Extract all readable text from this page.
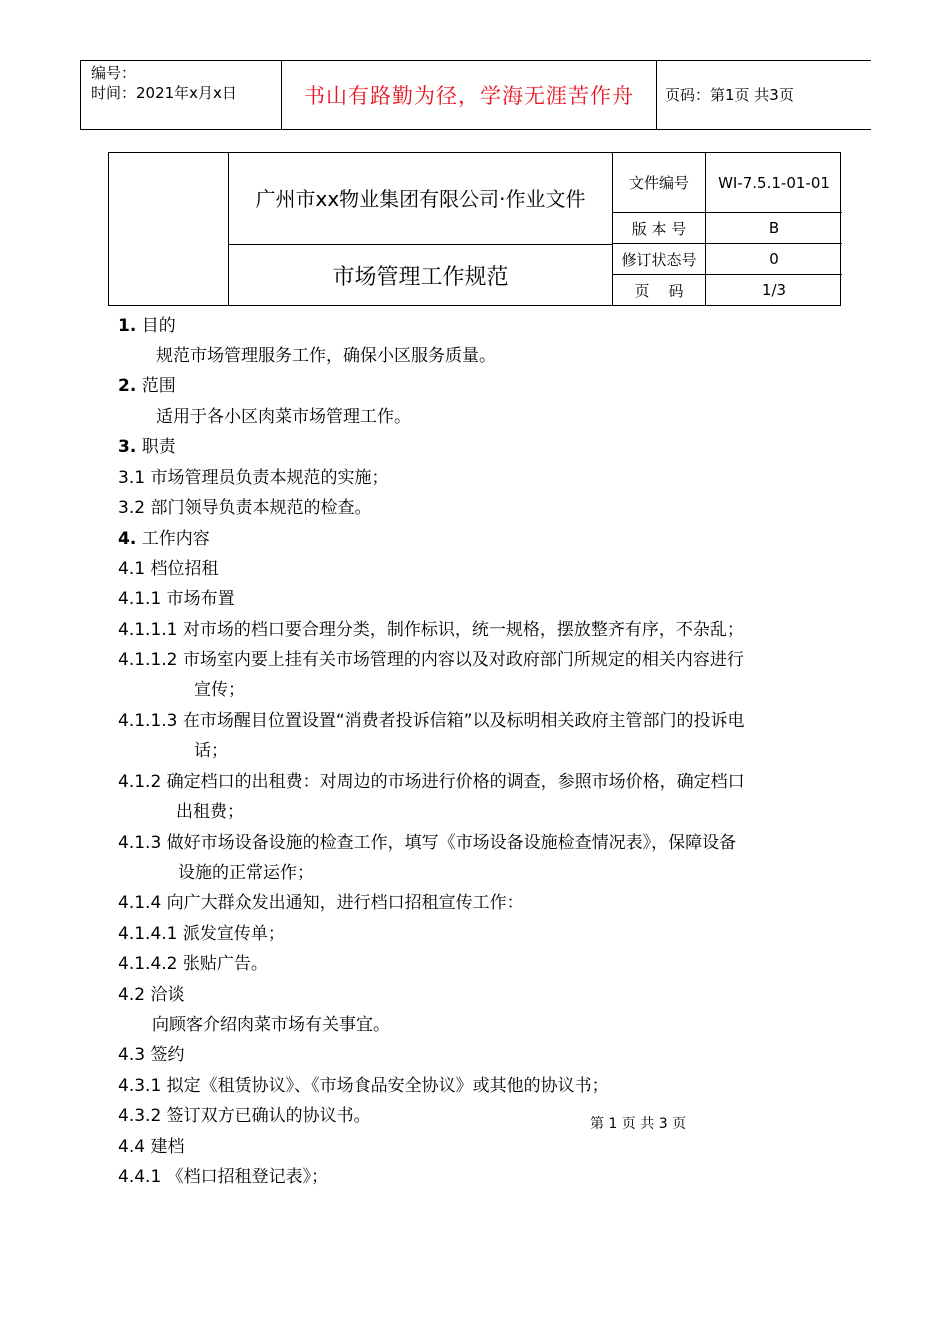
编号：
时间：2021年x月x日	书山有路勤为径，学海无涯苦作舟 页码：第1页 共3页
广州市xx物业集团有限公司·作业文件
市场管理工作规范
文件编号	WI-7.5.1-01-01
版 本 号	B
修订状态号	0
页    码	1/3
1. 目的
规范市场管理服务工作，确保小区服务质量。
2. 范围
适用于各小区肉菜市场管理工作。
3. 职责
3.1 市场管理员负责本规范的实施；
3.2 部门领导负责本规范的检查。
4. 工作内容
4.1 档位招租
4.1.1 市场布置
4.1.1.1 对市场的档口要合理分类，制作标识，统一规格，摆放整齐有序，不杂乱；
4.1.1.2 市场室内要上挂有关市场管理的内容以及对政府部门所规定的相关内容进行
宣传；
4.1.1.3 在市场醒目位置设置“消费者投诉信箱”以及标明相关政府主管部门的投诉电
话；
4.1.2 确定档口的出租费：对周边的市场进行价格的调查，参照市场价格，确定档口
出租费；
4.1.3 做好市场设备设施的检查工作，填写《市场设备设施检查情况表》，保障设备
设施的正常运作；
4.1.4 向广大群众发出通知，进行档口招租宣传工作：
4.1.4.1 派发宣传单；
4.1.4.2 张贴广告。
4.2 洽谈
向顾客介绍肉菜市场有关事宜。
4.3 签约
4.3.1 拟定《租赁协议》、《市场食品安全协议》或其他的协议书；
4.3.2 签订双方已确认的协议书。	第 1 页 共 3 页
4.4 建档
4.4.1 《档口招租登记表》；
